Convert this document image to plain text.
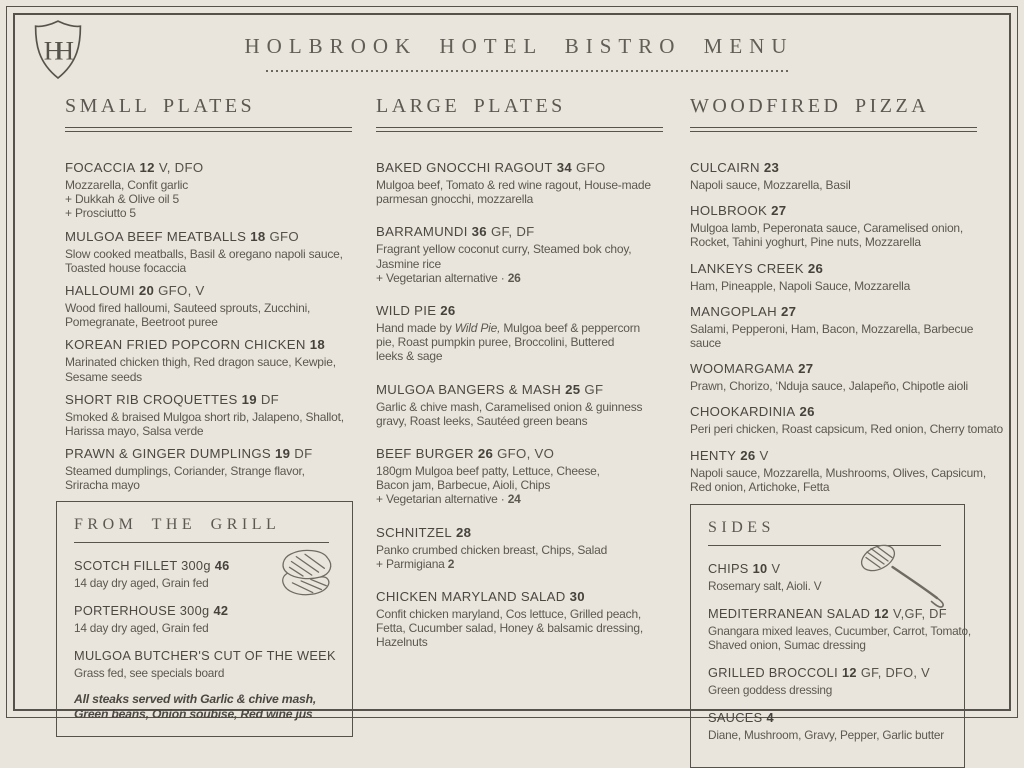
HH	HOLBROOK HOTEL BISTRO MENU
SMALL PLATES
FOCACCIA 12 V, DFO
Mozzarella, Confit garlic
+ Dukkah & Olive oil 5
+ Prosciutto 5
MULGOA BEEF MEATBALLS 18 GFO
Slow cooked meatballs, Basil & oregano napoli sauce,
Toasted house focaccia
HALLOUMI 20 GFO, V
Wood fired halloumi, Sauteed sprouts, Zucchini,
Pomegranate, Beetroot puree
KOREAN FRIED POPCORN CHICKEN 18
Marinated chicken thigh, Red dragon sauce, Kewpie,
Sesame seeds
SHORT RIB CROQUETTES 19 DF
Smoked & braised Mulgoa short rib, Jalapeno, Shallot,
Harissa mayo, Salsa verde
PRAWN & GINGER DUMPLINGS 19 DF
Steamed dumplings, Coriander, Strange flavor,
Sriracha mayo
FROM THE GRILL
SCOTCH FILLET 300g 46
14 day dry aged, Grain fed
PORTERHOUSE 300g 42
14 day dry aged, Grain fed
MULGOA BUTCHER'S CUT OF THE WEEK
Grass fed, see specials board
All steaks served with Garlic & chive mash,
Green beans, Onion soubise, Red wine jus
LARGE PLATES
BAKED GNOCCHI RAGOUT 34 GFO
Mulgoa beef, Tomato & red wine ragout, House-made
parmesan gnocchi, mozzarella
BARRAMUNDI 36 GF, DF
Fragrant yellow coconut curry, Steamed bok choy,
Jasmine rice
+ Vegetarian alternative · 26
WILD PIE 26
Hand made by Wild Pie, Mulgoa beef & peppercorn
pie, Roast pumpkin puree, Broccolini, Buttered
leeks & sage
MULGOA BANGERS & MASH 25 GF
Garlic & chive mash, Caramelised onion & guinness
gravy, Roast leeks, Sautéed green beans
BEEF BURGER 26 GFO, VO
180gm Mulgoa beef patty, Lettuce, Cheese,
Bacon jam, Barbecue, Aioli, Chips
+ Vegetarian alternative · 24
SCHNITZEL 28
Panko crumbed chicken breast, Chips, Salad
+ Parmigiana 2
CHICKEN MARYLAND SALAD 30
Confit chicken maryland, Cos lettuce, Grilled peach,
Fetta, Cucumber salad, Honey & balsamic dressing,
Hazelnuts
WOODFIRED PIZZA
CULCAIRN 23
Napoli sauce, Mozzarella, Basil
HOLBROOK 27
Mulgoa lamb, Peperonata sauce, Caramelised onion,
Rocket, Tahini yoghurt, Pine nuts, Mozzarella
LANKEYS CREEK 26
Ham, Pineapple, Napoli Sauce, Mozzarella
MANGOPLAH 27
Salami, Pepperoni, Ham, Bacon, Mozzarella, Barbecue
sauce
WOOMARGAMA 27
Prawn, Chorizo, ‘Nduja sauce, Jalapeño, Chipotle aioli
CHOOKARDINIA 26
Peri peri chicken, Roast capsicum, Red onion, Cherry tomato
HENTY 26 V
Napoli sauce, Mozzarella, Mushrooms, Olives, Capsicum,
Red onion, Artichoke, Fetta
SIDES
CHIPS 10 V
Rosemary salt, Aioli. V
MEDITERRANEAN SALAD 12 V,GF, DF
Gnangara mixed leaves, Cucumber, Carrot, Tomato,
Shaved onion, Sumac dressing
GRILLED BROCCOLI 12 GF, DFO, V
Green goddess dressing
SAUCES 4
Diane, Mushroom, Gravy, Pepper, Garlic butter
